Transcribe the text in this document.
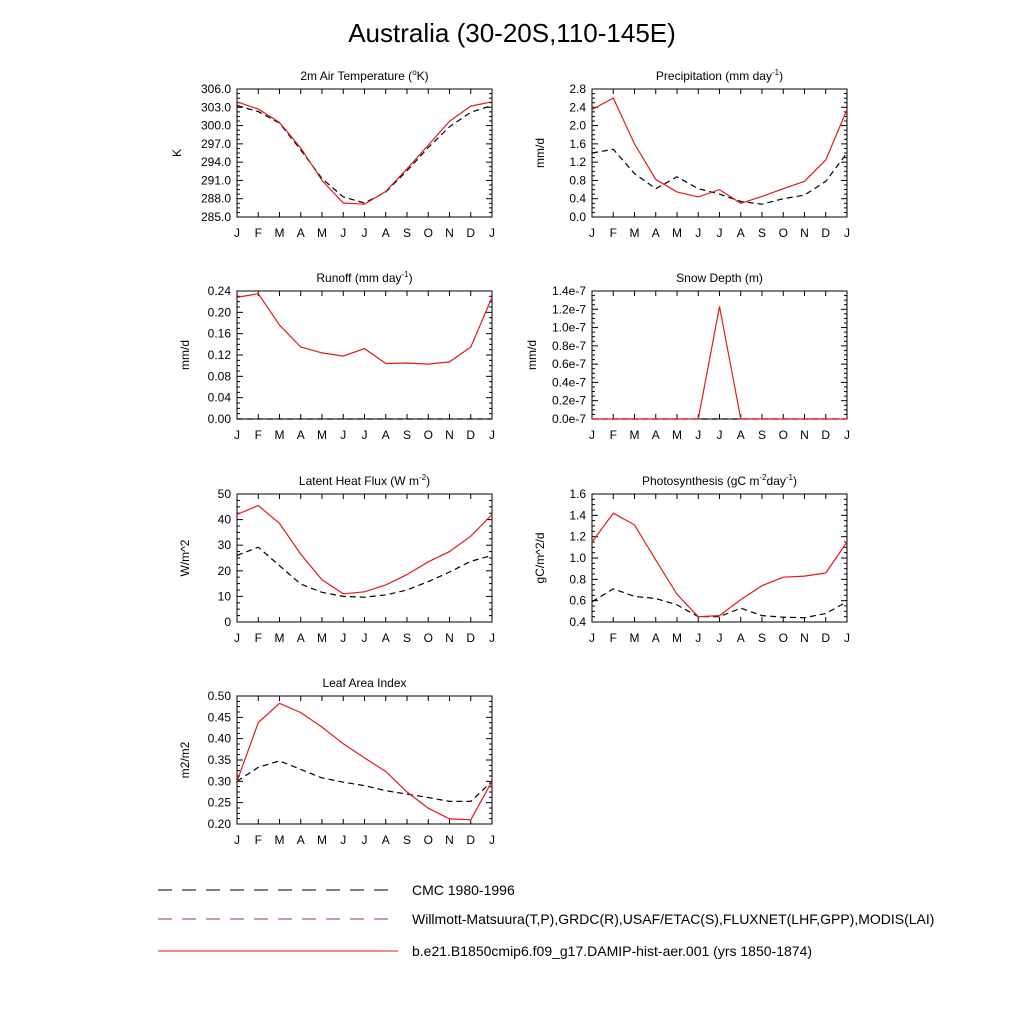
Australia (30-20S,110-145E)
J F M A M J J A S O N D J
285.0
288.0
291.0
294.0
297.0
300.0
303.0
306.0
K
2m Air Temperature ($^o$K)
J F M A M J J A S O N D J
0.0
0.4
0.8
1.2
1.6
2.0
2.4
2.8
mm/d
Precipitation (mm day$^{-1}$)
J F M A M J J A S O N D J
0.00
0.04
0.08
0.12
0.16
0.20
0.24
mm/d
Runoff (mm day$^{-1}$)
J F M A M J J A S O N D J
0.0e-7
0.2e-7
0.4e-7
0.6e-7
0.8e-7
1.0e-7
1.2e-7
1.4e-7
mm/d
Snow Depth (m)
J F M A M J J A S O N D J
0
10
20
30
40
50
W/m^2
Latent Heat Flux (W $m^{-2}$)
J F M A M J J A S O N D J
0.4
0.6
0.8
1.0
1.2
1.4
1.6
gC/m^2/d
Photosynthesis (gC $m^{-2}day^{-1}$)
J F M A M J J A S O N D J
0.20
0.25
0.30
0.35
0.40
0.45
0.50
m2/m2
Leaf Area Index
CMC 1980-1996
Willmott-Matsuura(T,P),GRDC(R),USAF/ETAC(S),FLUXNET(LHF,GPP),MODIS(LAI)
b.e21.B1850cmip6.f09_g17.DAMIP-hist-aer.001 (yrs 1850-1874)
